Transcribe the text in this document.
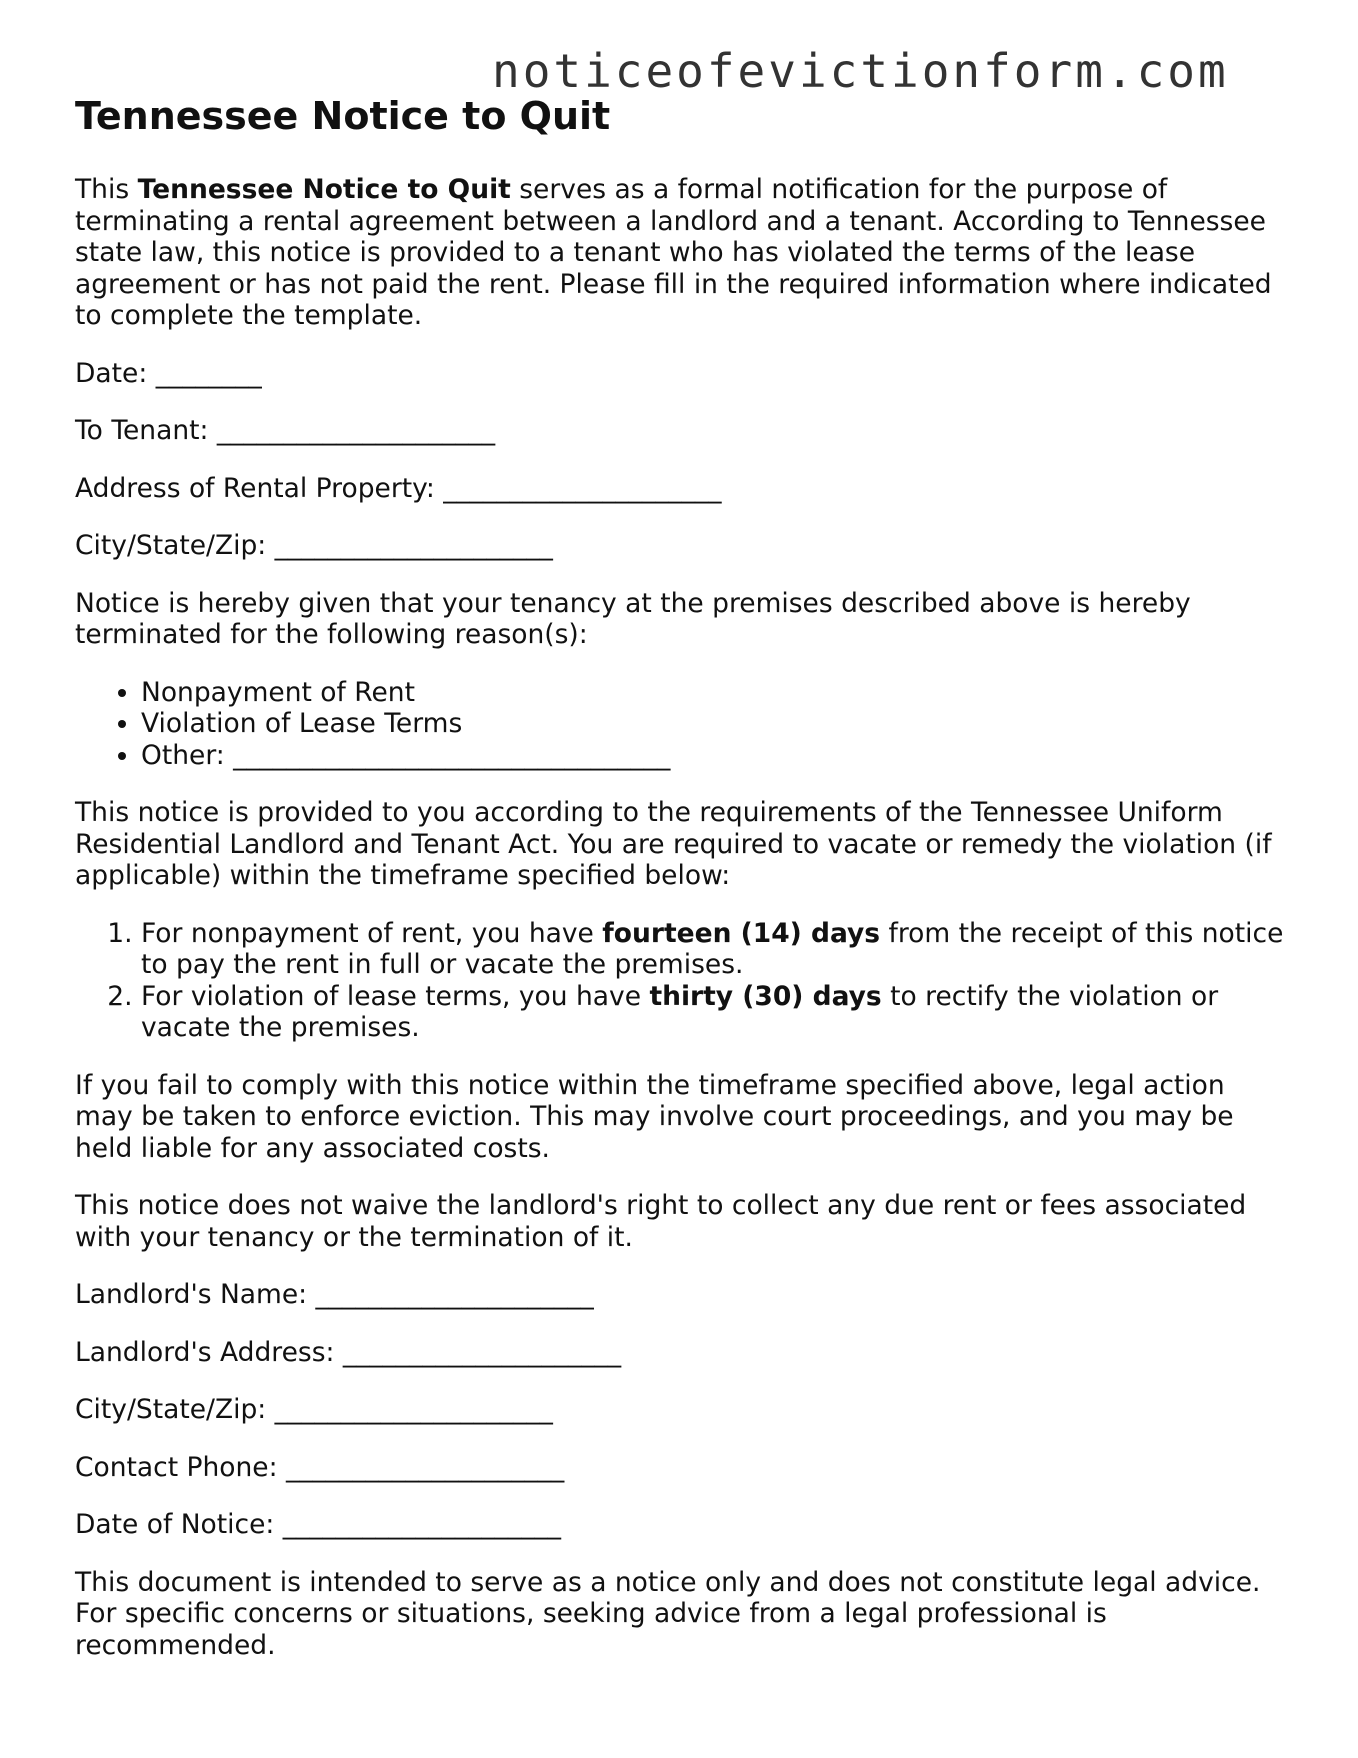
noticeofevictionform.com
Tennessee Notice to Quit

This Tennessee Notice to Quit serves as a formal notification for the purpose of terminating a rental agreement between a landlord and a tenant. According to Tennessee state law, this notice is provided to a tenant who has violated the terms of the lease agreement or has not paid the rent. Please fill in the required information where indicated to complete the template.

Date: ________
To Tenant: _____________________
Address of Rental Property: _____________________
City/State/Zip: _____________________

Notice is hereby given that your tenancy at the premises described above is hereby terminated for the following reason(s):

• Nonpayment of Rent
• Violation of Lease Terms
• Other: _________________________________

This notice is provided to you according to the requirements of the Tennessee Uniform Residential Landlord and Tenant Act. You are required to vacate or remedy the violation (if applicable) within the timeframe specified below:

1. For nonpayment of rent, you have fourteen (14) days from the receipt of this notice to pay the rent in full or vacate the premises.
2. For violation of lease terms, you have thirty (30) days to rectify the violation or vacate the premises.

If you fail to comply with this notice within the timeframe specified above, legal action may be taken to enforce eviction. This may involve court proceedings, and you may be held liable for any associated costs.

This notice does not waive the landlord's right to collect any due rent or fees associated with your tenancy or the termination of it.

Landlord's Name: _____________________
Landlord's Address: _____________________
City/State/Zip: _____________________
Contact Phone: _____________________
Date of Notice: _____________________

This document is intended to serve as a notice only and does not constitute legal advice. For specific concerns or situations, seeking advice from a legal professional is recommended.
